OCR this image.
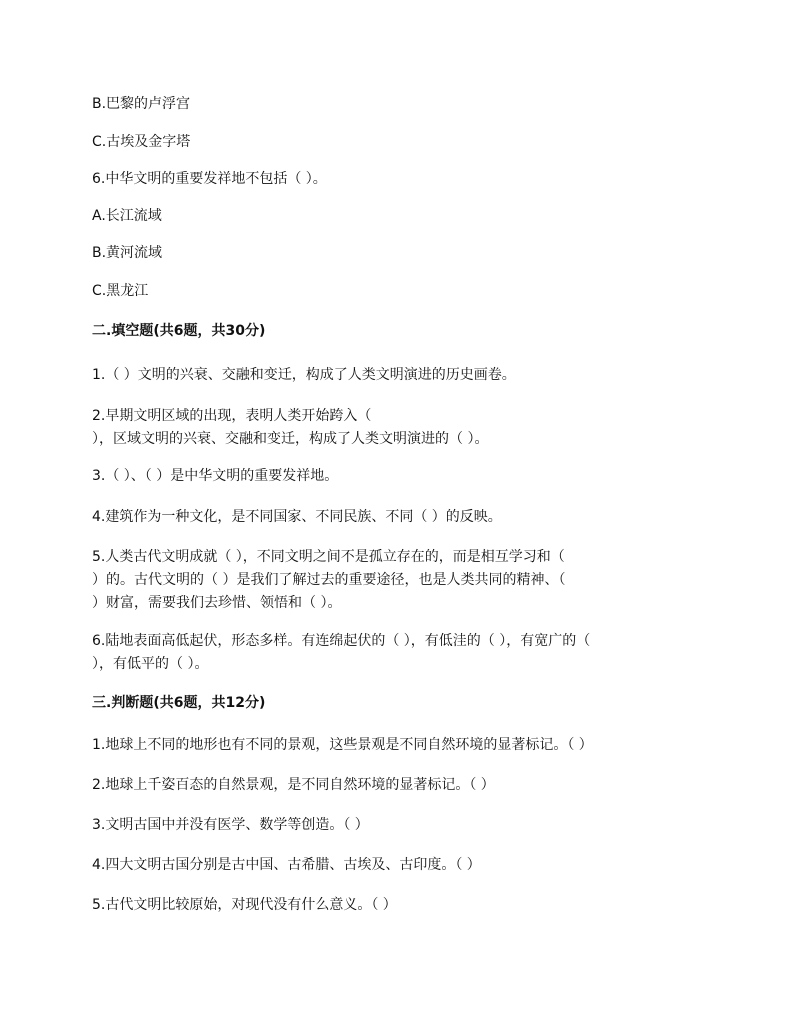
B.巴黎的卢浮宫
C.古埃及金字塔
6.中华文明的重要发祥地不包括（ ）。
A.长江流域
B.黄河流域
C.黑龙江
二.填空题(共6题，共30分)
1.（ ）文明的兴衰、交融和变迁，构成了人类文明演进的历史画卷。
2.早期文明区域的出现，表明人类开始跨入（
），区域文明的兴衰、交融和变迁，构成了人类文明演进的（ ）。
3.（ ）、（ ）是中华文明的重要发祥地。
4.建筑作为一种文化，是不同国家、不同民族、不同（ ）的反映。
5.人类古代文明成就（ ），不同文明之间不是孤立存在的，而是相互学习和（
）的。古代文明的（ ）是我们了解过去的重要途径，也是人类共同的精神、（
）财富，需要我们去珍惜、领悟和（ ）。
6.陆地表面高低起伏，形态多样。有连绵起伏的（ ），有低洼的（ ），有宽广的（
），有低平的（ ）。
三.判断题(共6题，共12分)
1.地球上不同的地形也有不同的景观，这些景观是不同自然环境的显著标记。（ ）
2.地球上千姿百态的自然景观，是不同自然环境的显著标记。（ ）
3.文明古国中并没有医学、数学等创造。（ ）
4.四大文明古国分别是古中国、古希腊、古埃及、古印度。（ ）
5.古代文明比较原始，对现代没有什么意义。（ ）
